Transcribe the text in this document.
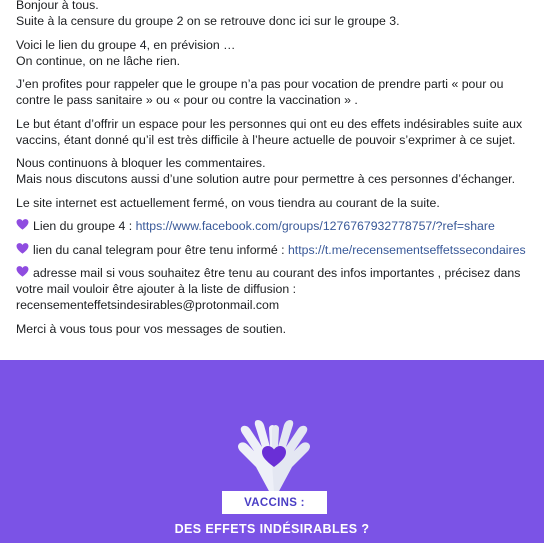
Bonjour à tous.
Suite à la censure du groupe 2 on se retrouve donc ici sur le groupe 3.

Voici le lien du groupe 4, en prévision …
On continue, on ne lâche rien.

J’en profites pour rappeler que le groupe n’a pas pour vocation de prendre parti « pour ou contre le pass sanitaire » ou « pour ou contre la vaccination » .

Le but étant d’offrir un espace pour les personnes qui ont eu des effets indésirables suite aux vaccins, étant donné qu’il est très difficile à l’heure actuelle de pouvoir s’exprimer à ce sujet.

Nous continuons à bloquer les commentaires.
Mais nous discutons aussi d’une solution autre pour permettre à ces personnes d’échanger.

Le site internet est actuellement fermé, on vous tiendra au courant de la suite.

Lien du groupe 4 : https://www.facebook.com/groups/1276767932778757/?ref=share

lien du canal telegram pour être tenu informé : https://t.me/recensementseffetssecondaires

adresse mail si vous souhaitez être tenu au courant des infos importantes , précisez dans votre mail vouloir être ajouter à la liste de diffusion :
recensementeffetsindesirables@protonmail.com

Merci à vous tous pour vos messages de soutien.

VACCINS :
DES EFFETS INDÉSIRABLES ?
